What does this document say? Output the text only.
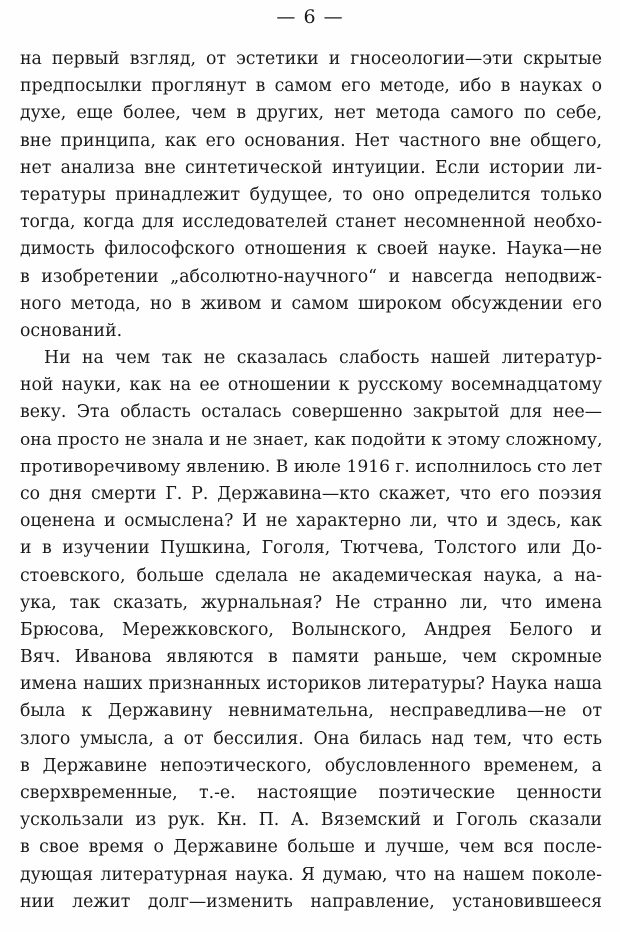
— 6 —
на первый взгляд, от эстетики и гносеологии—эти скрытые
предпосылки проглянут в самом его методе, ибо в науках о
духе, еще более, чем в других, нет метода самого по себе,
вне принципа, как его основания. Нет частного вне общего,
нет анализа вне синтетической интуиции. Если истории ли-
тературы принадлежит будущее, то оно определится только
тогда, когда для исследователей станет несомненной необхо-
димость философского отношения к своей науке. Наука—не
в изобретении „абсолютно-научного“ и навсегда неподвиж-
ного метода, но в живом и самом широком обсуждении его
оснований.
Ни на чем так не сказалась слабость нашей литератур-
ной науки, как на ее отношении к русскому восемнадцатому
веку. Эта область осталась совершенно закрытой для нее—
она просто не знала и не знает, как подойти к этому сложному,
противоречивому явлению. В июле 1916 г. исполнилось сто лет
со дня смерти Г. Р. Державина—кто скажет, что его поэзия
оценена и осмыслена? И не характерно ли, что и здесь, как
и в изучении Пушкина, Гоголя, Тютчева, Толстого или До-
стоевского, больше сделала не академическая наука, а на-
ука, так сказать, журнальная? Не странно ли, что имена
Брюсова, Мережковского, Волынского, Андрея Белого и
Вяч. Иванова являются в памяти раньше, чем скромные
имена наших признанных историков литературы? Наука наша
была к Державину невнимательна, несправедлива—не от
злого умысла, а от бессилия. Она билась над тем, что есть
в Державине непоэтического, обусловленного временем, а
сверхвременные, т.-е. настоящие поэтические ценности
ускользали из рук. Кн. П. А. Вяземский и Гоголь сказали
в свое время о Державине больше и лучше, чем вся после-
дующая литературная наука. Я думаю, что на нашем поколе-
нии лежит долг—изменить направление, установившееся
